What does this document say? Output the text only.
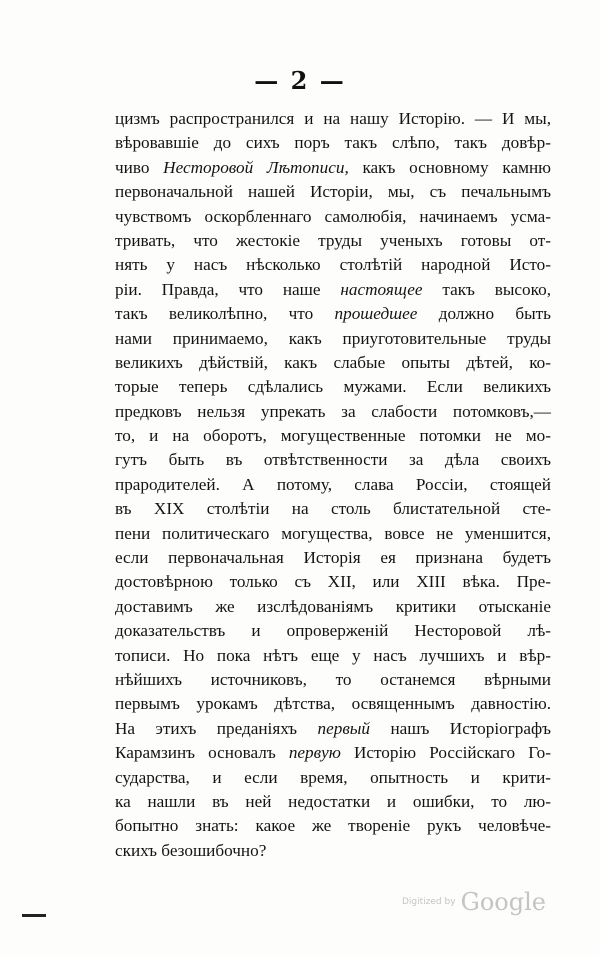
— 2 —
цизмъ распространился и на нашу Исторію. — И мы,
вѣровавшіе до сихъ поръ такъ слѣпо, такъ довѣр-
чиво Несторовой Лѣтописи, какъ основному камню
первоначальной нашей Исторіи, мы, съ печальнымъ
чувствомъ оскорбленнаго самолюбія, начинаемъ усма-
тривать, что жестокіе труды ученыхъ готовы от-
нять у насъ нѣсколько столѣтій народной Исто-
ріи. Правда, что наше настоящее такъ высоко,
такъ великолѣпно, что прошедшее должно быть
нами принимаемо, какъ приуготовительные труды
великихъ дѣйствій, какъ слабые опыты дѣтей, ко-
торые теперь сдѣлались мужами. Если великихъ
предковъ нельзя упрекать за слабости потомковъ,—
то, и на оборотъ, могущественные потомки не мо-
гутъ быть въ отвѣтственности за дѣла своихъ
прародителей. А потому, слава Россіи, стоящей
въ XIX столѣтіи на столь блистательной сте-
пени политическаго могущества, вовсе не уменшится,
если первоначальная Исторія ея признана будетъ
достовѣрною только съ XII, или XIII вѣка. Пре-
доставимъ же изслѣдованіямъ критики отысканіе
доказательствъ и опроверженій Несторовой лѣ-
тописи. Но пока нѣтъ еще у насъ лучшихъ и вѣр-
нѣйшихъ источниковъ, то останемся вѣрными
первымъ урокамъ дѣтства, освященнымъ давностію.
На этихъ преданіяхъ первый нашъ Исторіографъ
Карамзинъ основалъ первую Исторію Россійскаго Го-
сударства, и если время, опытность и крити-
ка нашли въ ней недостатки и ошибки, то лю-
бопытно знать: какое же твореніе рукъ человѣче-
скихъ безошибочно?
Digitized by Google
